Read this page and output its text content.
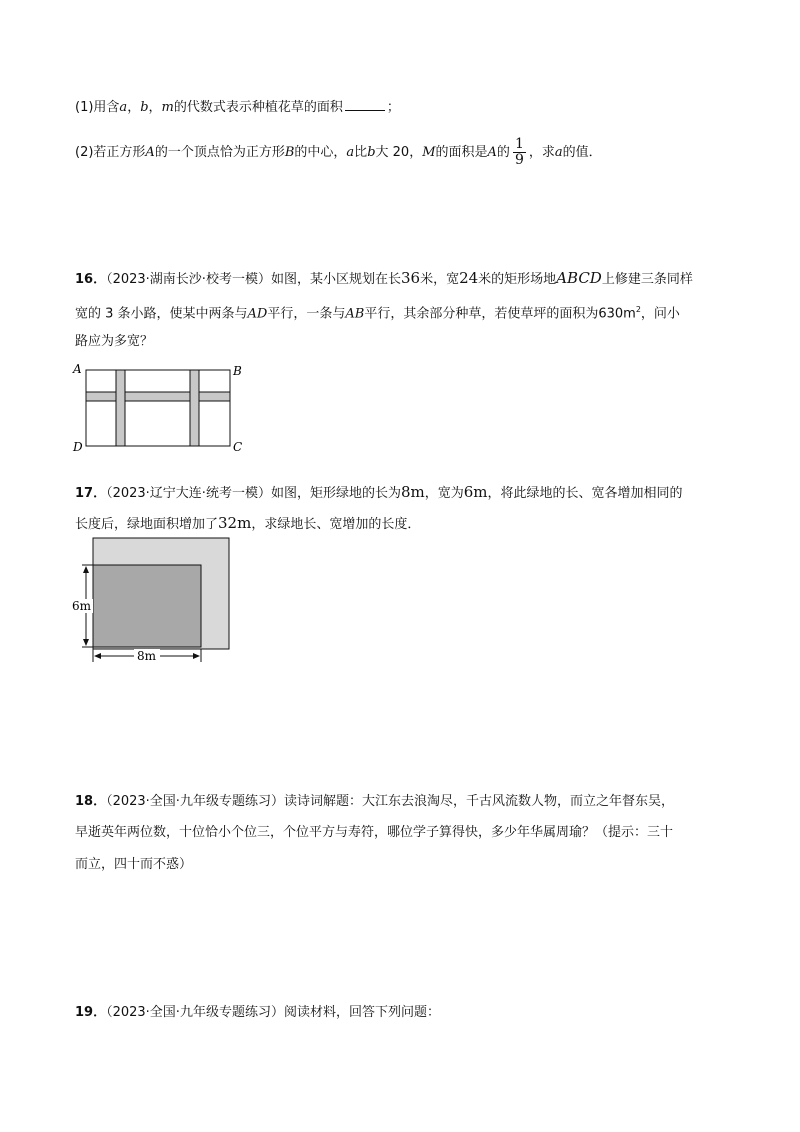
(1)用含a，b，m的代数式表示种植花草的面积	；
(2)若正方形A的一个顶点恰为正方形B的中心，a比b大 20，M的面积是A的 $\frac{1}{9}$ ，求a的值．
16．（2023·湖南长沙·校考一模）如图，某小区规划在长36米，宽24米的矩形场地ABCD上修建三条同样
宽的 3 条小路，使某中两条与AD平行，一条与AB平行，其余部分种草，若使草坪的面积为$630m^2$，问小
路应为多宽？
A	B
D	C
17．（2023·辽宁大连·统考一模）如图，矩形绿地的长为8m，宽为6m，将此绿地的长、宽各增加相同的
长度后，绿地面积增加了32m，求绿地长、宽增加的长度．
6m
8m
18．（2023·全国·九年级专题练习）读诗词解题：大江东去浪淘尽，千古风流数人物，而立之年督东吴，
早逝英年两位数，十位恰小个位三，个位平方与寿符，哪位学子算得快，多少年华属周瑜？（提示：三十
而立，四十而不惑）
19．（2023·全国·九年级专题练习）阅读材料，回答下列问题：
